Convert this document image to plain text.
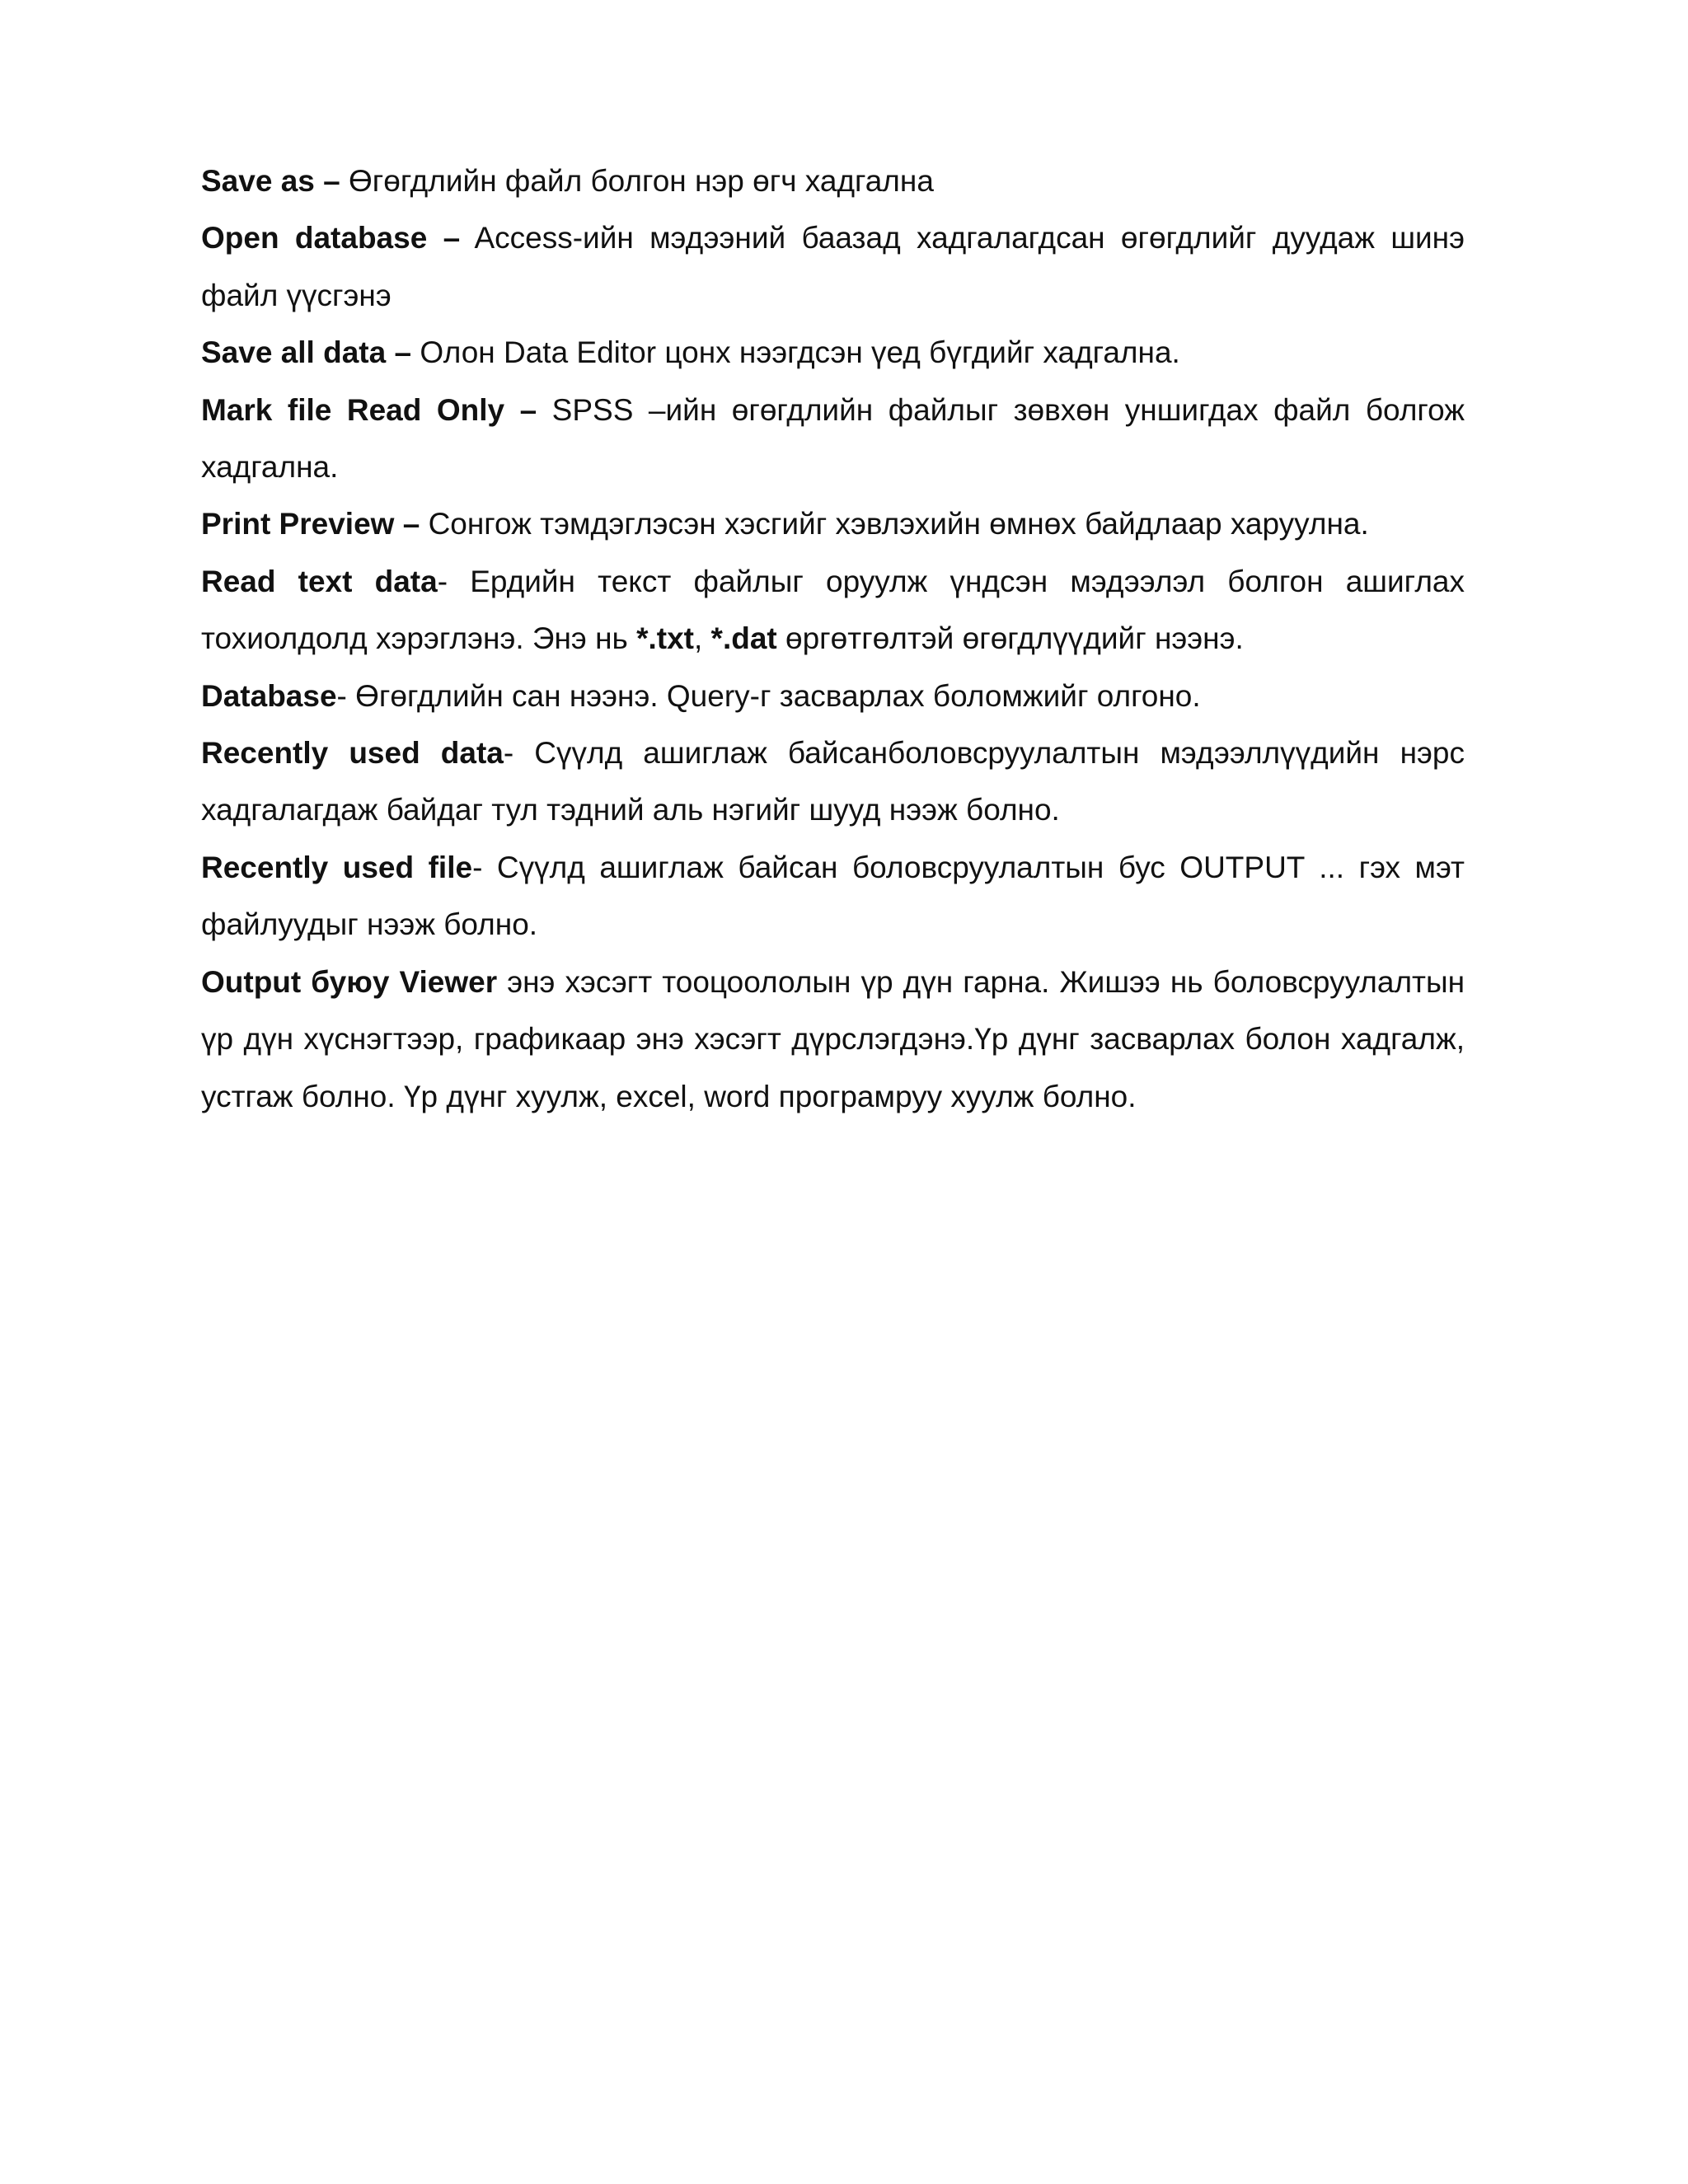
Save as – Өгөгдлийн файл болгон нэр өгч хадгална

Open database – Access-ийн мэдээний баазад хадгалагдсан өгөгдлийг дуудаж шинэ файл үүсгэнэ

Save all data – Олон Data Editor цонх нээгдсэн үед бүгдийг хадгална.

Mark file Read Only – SPSS –ийн өгөгдлийн файлыг зөвхөн уншигдах файл болгож хадгална.

Print Preview – Сонгож тэмдэглэсэн хэсгийг хэвлэхийн өмнөх байдлаар харуулна.

Read text data- Ердийн текст файлыг оруулж үндсэн мэдээлэл болгон ашиглах тохиолдолд хэрэглэнэ. Энэ нь *.txt, *.dat өргөтгөлтэй өгөгдлүүдийг нээнэ.

Database- Өгөгдлийн сан нээнэ. Query-г засварлах боломжийг олгоно.

Recently used data- Сүүлд ашиглаж байсанболовсруулалтын мэдээллүүдийн нэрс хадгалагдаж байдаг тул тэдний аль нэгийг шууд нээж болно.

Recently used file- Сүүлд ашиглаж байсан боловсруулалтын бус OUTPUT ... гэх мэт файлуудыг нээж болно.

Output буюу Viewer энэ хэсэгт тооцоололын үр дүн гарна. Жишээ нь боловсруулалтын үр дүн хүснэгтээр, графикаар энэ хэсэгт дүрслэгдэнэ.Үр дүнг засварлах болон хадгалж, устгаж болно. Үр дүнг хуулж, excel, word програмруу хуулж болно.
